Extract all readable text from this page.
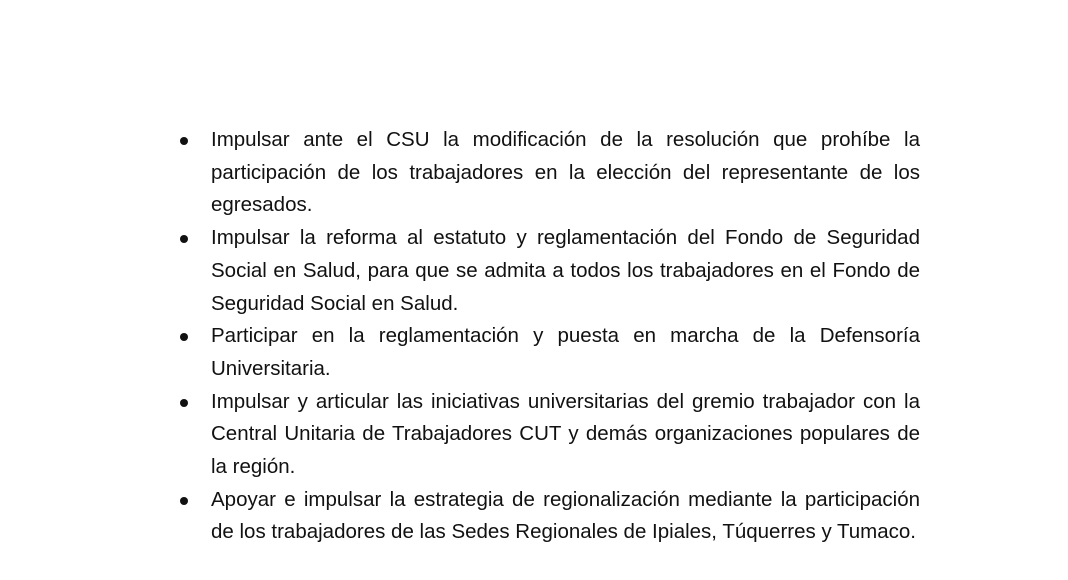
Impulsar ante el CSU la modificación de la resolución que prohíbe la participación de los trabajadores en la elección del representante de los egresados.
Impulsar la reforma al estatuto y reglamentación del Fondo de Seguridad Social en Salud, para que se admita a todos los trabajadores en el Fondo de Seguridad Social en Salud.
Participar en la reglamentación y puesta en marcha de la Defensoría Universitaria.
Impulsar y articular las iniciativas universitarias del gremio trabajador con la Central Unitaria de Trabajadores CUT y demás organizaciones populares de la región.
Apoyar e impulsar la estrategia de regionalización mediante la participación de los trabajadores de las Sedes Regionales de Ipiales, Túquerres y Tumaco.
